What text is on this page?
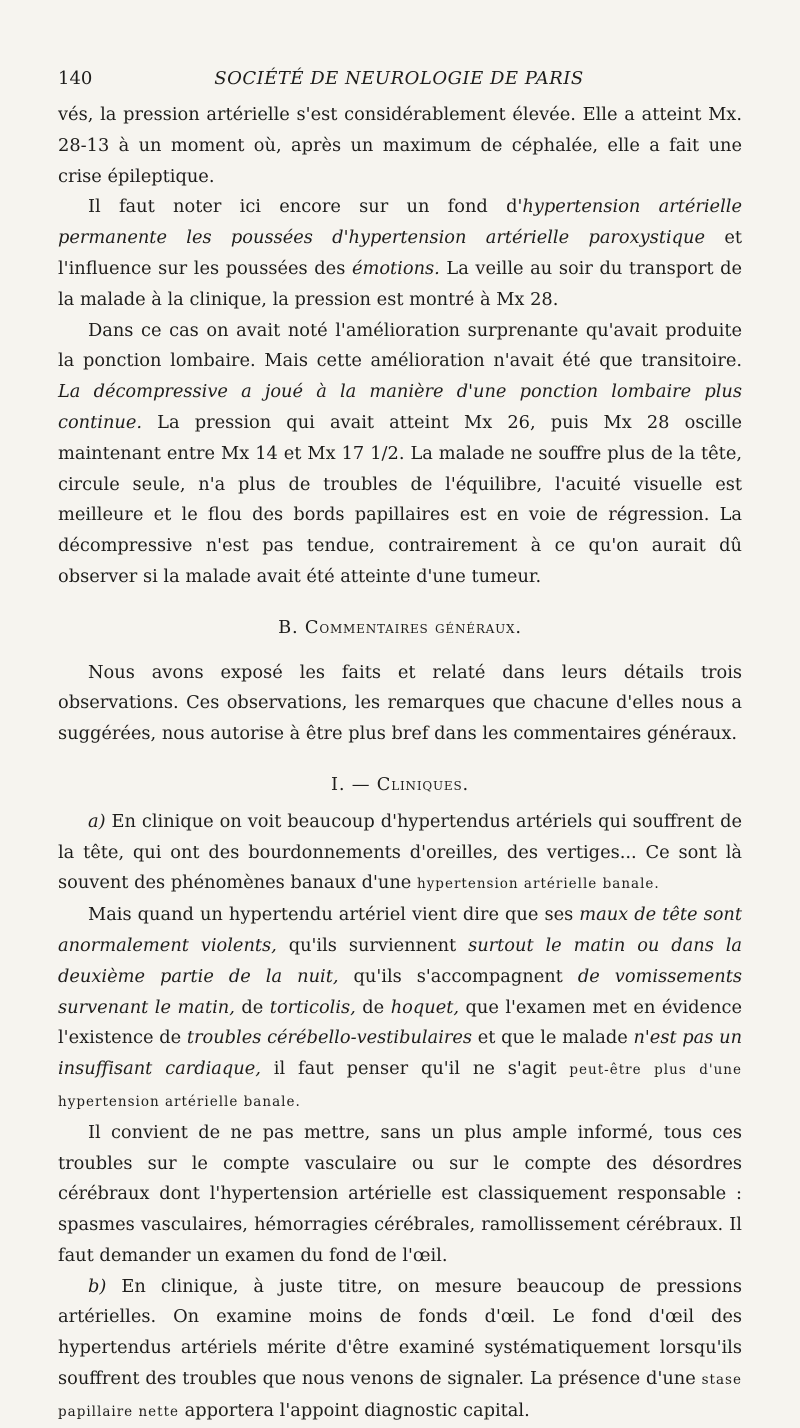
140	SOCIÉTÉ DE NEUROLOGIE DE PARIS

vés, la pression artérielle s'est considérablement élevée. Elle a atteint Mx. 28-13 à un moment où, après un maximum de céphalée, elle a fait une crise épileptique.

Il faut noter ici encore sur un fond d'hypertension artérielle permanente les poussées d'hypertension artérielle paroxystique et l'influence sur les poussées des émotions. La veille au soir du transport de la malade à la clinique, la pression est montré à Mx 28.

Dans ce cas on avait noté l'amélioration surprenante qu'avait produite la ponction lombaire. Mais cette amélioration n'avait été que transitoire. La décompressive a joué à la manière d'une ponction lombaire plus continue. La pression qui avait atteint Mx 26, puis Mx 28 oscille maintenant entre Mx 14 et Mx 17 1/2. La malade ne souffre plus de la tête, circule seule, n'a plus de troubles de l'équilibre, l'acuité visuelle est meilleure et le flou des bords papillaires est en voie de régression. La décompressive n'est pas tendue, contrairement à ce qu'on aurait dû observer si la malade avait été atteinte d'une tumeur.

B. Commentaires généraux.

Nous avons exposé les faits et relaté dans leurs détails trois observations. Ces observations, les remarques que chacune d'elles nous a suggérées, nous autorise à être plus bref dans les commentaires généraux.

I. — Cliniques.

a) En clinique on voit beaucoup d'hypertendus artériels qui souffrent de la tête, qui ont des bourdonnements d'oreilles, des vertiges... Ce sont là souvent des phénomènes banaux d'une hypertension artérielle banale.

Mais quand un hypertendu artériel vient dire que ses maux de tête sont anormalement violents, qu'ils surviennent surtout le matin ou dans la deuxième partie de la nuit, qu'ils s'accompagnent de vomissements survenant le matin, de torticolis, de hoquet, que l'examen met en évidence l'existence de troubles cérébello-vestibulaires et que le malade n'est pas un insuffisant cardiaque, il faut penser qu'il ne s'agit peut-être plus d'une hypertension artérielle banale.

Il convient de ne pas mettre, sans un plus ample informé, tous ces troubles sur le compte vasculaire ou sur le compte des désordres cérébraux dont l'hypertension artérielle est classiquement responsable : spasmes vasculaires, hémorragies cérébrales, ramollissement cérébraux. Il faut demander un examen du fond de l'œil.

b) En clinique, à juste titre, on mesure beaucoup de pressions artérielles. On examine moins de fonds d'œil. Le fond d'œil des hypertendus artériels mérite d'être examiné systématiquement lorsqu'ils souffrent des troubles que nous venons de signaler. La présence d'une stase papillaire nette apportera l'appoint diagnostic capital.
